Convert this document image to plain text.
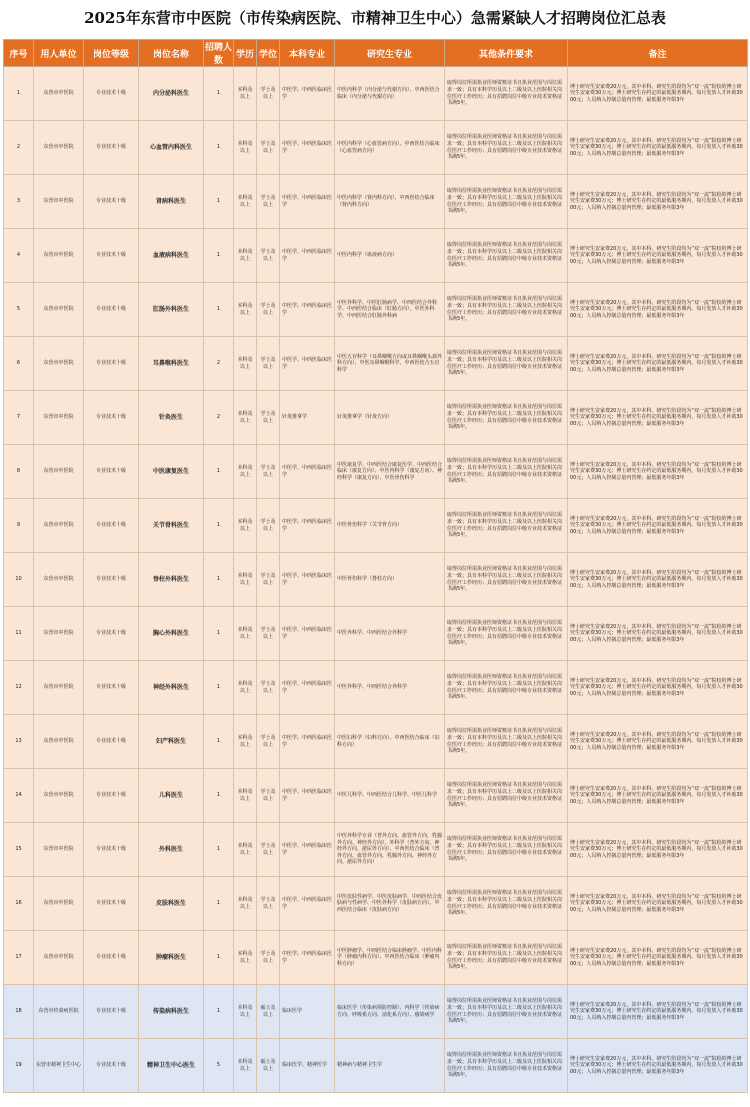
2025年东营市中医院（市传染病医院、市精神卫生中心）急需紧缺人才招聘岗位汇总表
序号	用人单位	岗位等级	岗位名称	招聘人数	学历	学位	本科专业	研究生专业	其他条件要求	备注
1	东营市中医院	专业技术十级	内分泌科医生	1	本科及以上	学士及以上	中医学、中西医临床医学	中医内科学（内分泌与代谢方向）、中西医结合临床（内分泌与代谢方向）	取得岗位所需执业医师资格证书且执业范围与岗位需求一致；具有本科学历及以上二级及以上医院相关岗位医疗工作经历；具有招聘岗位中级专业技术资格证书满5年。	博士研究生安家费20万元，其中本科、研究生阶段均为“双一流”院校的博士研究生安家费30万元；博士研究生在约定的最低服务期内，每月发放人才补助3000元；人员纳入控制总量内管理；最低服务年限3年
2	东营市中医院	专业技术十级	心血管内科医生	1	本科及以上	学士及以上	中医学、中西医临床医学	中医内科学（心血管病方向）、中西医结合临床（心血管病方向）	取得岗位所需执业医师资格证书且执业范围与岗位需求一致；具有本科学历及以上二级及以上医院相关岗位医疗工作经历；具有招聘岗位中级专业技术资格证书满5年。	博士研究生安家费20万元，其中本科、研究生阶段均为“双一流”院校的博士研究生安家费30万元；博士研究生在约定的最低服务期内，每月发放人才补助3000元；人员纳入控制总量内管理；最低服务年限3年
3	东营市中医院	专业技术十级	肾病科医生	1	本科及以上	学士及以上	中医学、中西医临床医学	中医内科学（肾内科方向）、中西医结合临床（肾内科方向）	取得岗位所需执业医师资格证书且执业范围与岗位需求一致；具有本科学历及以上二级及以上医院相关岗位医疗工作经历；具有招聘岗位中级专业技术资格证书满5年。	博士研究生安家费20万元，其中本科、研究生阶段均为“双一流”院校的博士研究生安家费30万元；博士研究生在约定的最低服务期内，每月发放人才补助3000元；人员纳入控制总量内管理；最低服务年限3年
4	东营市中医院	专业技术十级	血液病科医生	1	本科及以上	学士及以上	中医学、中西医临床医学	中医内科学（血液病方向）	取得岗位所需执业医师资格证书且执业范围与岗位需求一致；具有本科学历及以上二级及以上医院相关岗位医疗工作经历；具有招聘岗位中级专业技术资格证书满5年。	博士研究生安家费20万元，其中本科、研究生阶段均为“双一流”院校的博士研究生安家费30万元；博士研究生在约定的最低服务期内，每月发放人才补助3000元；人员纳入控制总量内管理；最低服务年限3年
5	东营市中医院	专业技术十级	肛肠外科医生	1	本科及以上	学士及以上	中医学、中西医临床医学	中医外科学、中医肛肠病学、中西医结合外科学、中西医结合临床（肛肠方向）、中医外科学、中西医结合肛肠外科病	取得岗位所需执业医师资格证书且执业范围与岗位需求一致；具有本科学历及以上二级及以上医院相关岗位医疗工作经历；具有招聘岗位中级专业技术资格证书满5年。	博士研究生安家费20万元，其中本科、研究生阶段均为“双一流”院校的博士研究生安家费30万元；博士研究生在约定的最低服务期内，每月发放人才补助3000元；人员纳入控制总量内管理；最低服务年限3年
6	东营市中医院	专业技术十级	耳鼻喉科医生	2	本科及以上	学士及以上	中医学、中西医临床医学	中医五官科学（耳鼻咽喉方向或耳鼻咽喉头颈外科方向）、中医耳鼻咽喉科学、中西医结合五官科学	取得岗位所需执业医师资格证书且执业范围与岗位需求一致；具有本科学历及以上二级及以上医院相关岗位医疗工作经历；具有招聘岗位中级专业技术资格证书满5年。	博士研究生安家费20万元，其中本科、研究生阶段均为“双一流”院校的博士研究生安家费30万元；博士研究生在约定的最低服务期内，每月发放人才补助3000元；人员纳入控制总量内管理；最低服务年限3年
7	东营市中医院	专业技术十级	针灸医生	2	本科及以上	学士及以上	针灸推拿学	针灸推拿学（针灸方向）	取得岗位所需执业医师资格证书且执业范围与岗位需求一致；具有本科学历及以上二级及以上医院相关岗位医疗工作经历；具有招聘岗位中级专业技术资格证书满5年。	博士研究生安家费20万元，其中本科、研究生阶段均为“双一流”院校的博士研究生安家费30万元；博士研究生在约定的最低服务期内，每月发放人才补助3000元；人员纳入控制总量内管理；最低服务年限3年
8	东营市中医院	专业技术十级	中医康复医生	1	本科及以上	学士及以上	中医学、中西医临床医学	中医康复学、中西医结合康复医学、中西医结合临床（康复方向）、中医内科学（康复方向）、神经科学（康复方向）、中医骨伤科学	取得岗位所需执业医师资格证书且执业范围与岗位需求一致；具有本科学历及以上二级及以上医院相关岗位医疗工作经历；具有招聘岗位中级专业技术资格证书满5年。	博士研究生安家费20万元，其中本科、研究生阶段均为“双一流”院校的博士研究生安家费30万元；博士研究生在约定的最低服务期内，每月发放人才补助3000元；人员纳入控制总量内管理；最低服务年限3年
9	东营市中医院	专业技术十级	关节骨科医生	1	本科及以上	学士及以上	中医学、中西医临床医学	中医骨伤科学（关节骨方向）	取得岗位所需执业医师资格证书且执业范围与岗位需求一致；具有本科学历及以上二级及以上医院相关岗位医疗工作经历；具有招聘岗位中级专业技术资格证书满5年。	博士研究生安家费20万元，其中本科、研究生阶段均为“双一流”院校的博士研究生安家费30万元；博士研究生在约定的最低服务期内，每月发放人才补助3000元；人员纳入控制总量内管理；最低服务年限3年
10	东营市中医院	专业技术十级	脊柱外科医生	1	本科及以上	学士及以上	中医学、中西医临床医学	中医骨伤科学（脊柱方向）	取得岗位所需执业医师资格证书且执业范围与岗位需求一致；具有本科学历及以上二级及以上医院相关岗位医疗工作经历；具有招聘岗位中级专业技术资格证书满5年。	博士研究生安家费20万元，其中本科、研究生阶段均为“双一流”院校的博士研究生安家费30万元；博士研究生在约定的最低服务期内，每月发放人才补助3000元；人员纳入控制总量内管理；最低服务年限3年
11	东营市中医院	专业技术十级	胸心外科医生	1	本科及以上	学士及以上	中医学、中西医临床医学	中医外科学、中西医结合外科学	取得岗位所需执业医师资格证书且执业范围与岗位需求一致；具有本科学历及以上二级及以上医院相关岗位医疗工作经历；具有招聘岗位中级专业技术资格证书满5年。	博士研究生安家费20万元，其中本科、研究生阶段均为“双一流”院校的博士研究生安家费30万元；博士研究生在约定的最低服务期内，每月发放人才补助3000元；人员纳入控制总量内管理；最低服务年限3年
12	东营市中医院	专业技术十级	神经外科医生	1	本科及以上	学士及以上	中医学、中西医临床医学	中医外科学、中西医结合外科学	取得岗位所需执业医师资格证书且执业范围与岗位需求一致；具有本科学历及以上二级及以上医院相关岗位医疗工作经历；具有招聘岗位中级专业技术资格证书满5年。	博士研究生安家费20万元，其中本科、研究生阶段均为“双一流”院校的博士研究生安家费30万元；博士研究生在约定的最低服务期内，每月发放人才补助3000元；人员纳入控制总量内管理；最低服务年限3年
13	东营市中医院	专业技术十级	妇产科医生	1	本科及以上	学士及以上	中医学、中西医临床医学	中医妇科学（妇科方向）、中西医结合临床（妇科方向）	取得岗位所需执业医师资格证书且执业范围与岗位需求一致；具有本科学历及以上二级及以上医院相关岗位医疗工作经历；具有招聘岗位中级专业技术资格证书满5年。	博士研究生安家费20万元，其中本科、研究生阶段均为“双一流”院校的博士研究生安家费30万元；博士研究生在约定的最低服务期内，每月发放人才补助3000元；人员纳入控制总量内管理；最低服务年限3年
14	东营市中医院	专业技术十级	儿科医生	1	本科及以上	学士及以上	中医学、中西医临床医学	中医儿科学、中西医结合儿科学、中医儿科学	取得岗位所需执业医师资格证书且执业范围与岗位需求一致；具有本科学历及以上二级及以上医院相关岗位医疗工作经历；具有招聘岗位中级专业技术资格证书满5年。	博士研究生安家费20万元，其中本科、研究生阶段均为“双一流”院校的博士研究生安家费30万元；博士研究生在约定的最低服务期内，每月发放人才补助3000元；人员纳入控制总量内管理；最低服务年限3年
15	东营市中医院	专业技术十级	外科医生	1	本科及以上	学士及以上	中医学、中西医临床医学	中医外科学专业（普外方向、血管外方向、乳腺外方向、神经外方向）、外科学（普外方向、神经外方向、泌尿外方向）、中西医结合临床（普外方向、血管外方向、乳腺外方向、神经外方向、泌尿外方向）	取得岗位所需执业医师资格证书且执业范围与岗位需求一致；具有本科学历及以上二级及以上医院相关岗位医疗工作经历；具有招聘岗位中级专业技术资格证书满5年。	博士研究生安家费20万元，其中本科、研究生阶段均为“双一流”院校的博士研究生安家费30万元；博士研究生在约定的最低服务期内，每月发放人才补助3000元；人员纳入控制总量内管理；最低服务年限3年
16	东营市中医院	专业技术十级	皮肤科医生	1	本科及以上	学士及以上	中医学、中西医临床医学	中医皮肤性病学、中医皮肤病学、中西医结合皮肤病与性病学、中医外科学（皮肤病方向）、中西医结合临床（皮肤病方向）	取得岗位所需执业医师资格证书且执业范围与岗位需求一致；具有本科学历及以上二级及以上医院相关岗位医疗工作经历；具有招聘岗位中级专业技术资格证书满5年。	博士研究生安家费20万元，其中本科、研究生阶段均为“双一流”院校的博士研究生安家费30万元；博士研究生在约定的最低服务期内，每月发放人才补助3000元；人员纳入控制总量内管理；最低服务年限3年
17	东营市中医院	专业技术十级	肿瘤科医生	1	本科及以上	学士及以上	中医学、中西医临床医学	中医肿瘤学、中西医结合临床肿瘤学、中医内科学（肿瘤内科方向）、中西医结合临床（肿瘤内科方向）	取得岗位所需执业医师资格证书且执业范围与岗位需求一致；具有本科学历及以上二级及以上医院相关岗位医疗工作经历；具有招聘岗位中级专业技术资格证书满5年。	博士研究生安家费20万元，其中本科、研究生阶段均为“双一流”院校的博士研究生安家费30万元；博士研究生在约定的最低服务期内，每月发放人才补助3000元；人员纳入控制总量内管理；最低服务年限3年
18	东营市传染病医院	专业技术十级	传染病科医生	1	本科及以上	硕士及以上	临床医学	临床医学（传染病预防控制）、内科学（传染病方向、呼吸系方向、消化系方向）、感染病学	取得岗位所需执业医师资格证书且执业范围与岗位需求一致；具有本科学历及以上二级及以上医院相关岗位医疗工作经历；具有招聘岗位中级专业技术资格证书满5年。	博士研究生安家费20万元，其中本科、研究生阶段均为“双一流”院校的博士研究生安家费30万元；博士研究生在约定的最低服务期内，每月发放人才补助3000元；人员纳入控制总量内管理；最低服务年限3年
19	东营市精神卫生中心	专业技术十级	精神卫生中心医生	5	本科及以上	硕士及以上	临床医学、精神医学	精神病与精神卫生学	取得岗位所需执业医师资格证书且执业范围与岗位需求一致；具有本科学历及以上二级及以上医院相关岗位医疗工作经历；具有招聘岗位中级专业技术资格证书满5年。	博士研究生安家费20万元，其中本科、研究生阶段均为“双一流”院校的博士研究生安家费30万元；博士研究生在约定的最低服务期内，每月发放人才补助3000元；人员纳入控制总量内管理；最低服务年限3年
